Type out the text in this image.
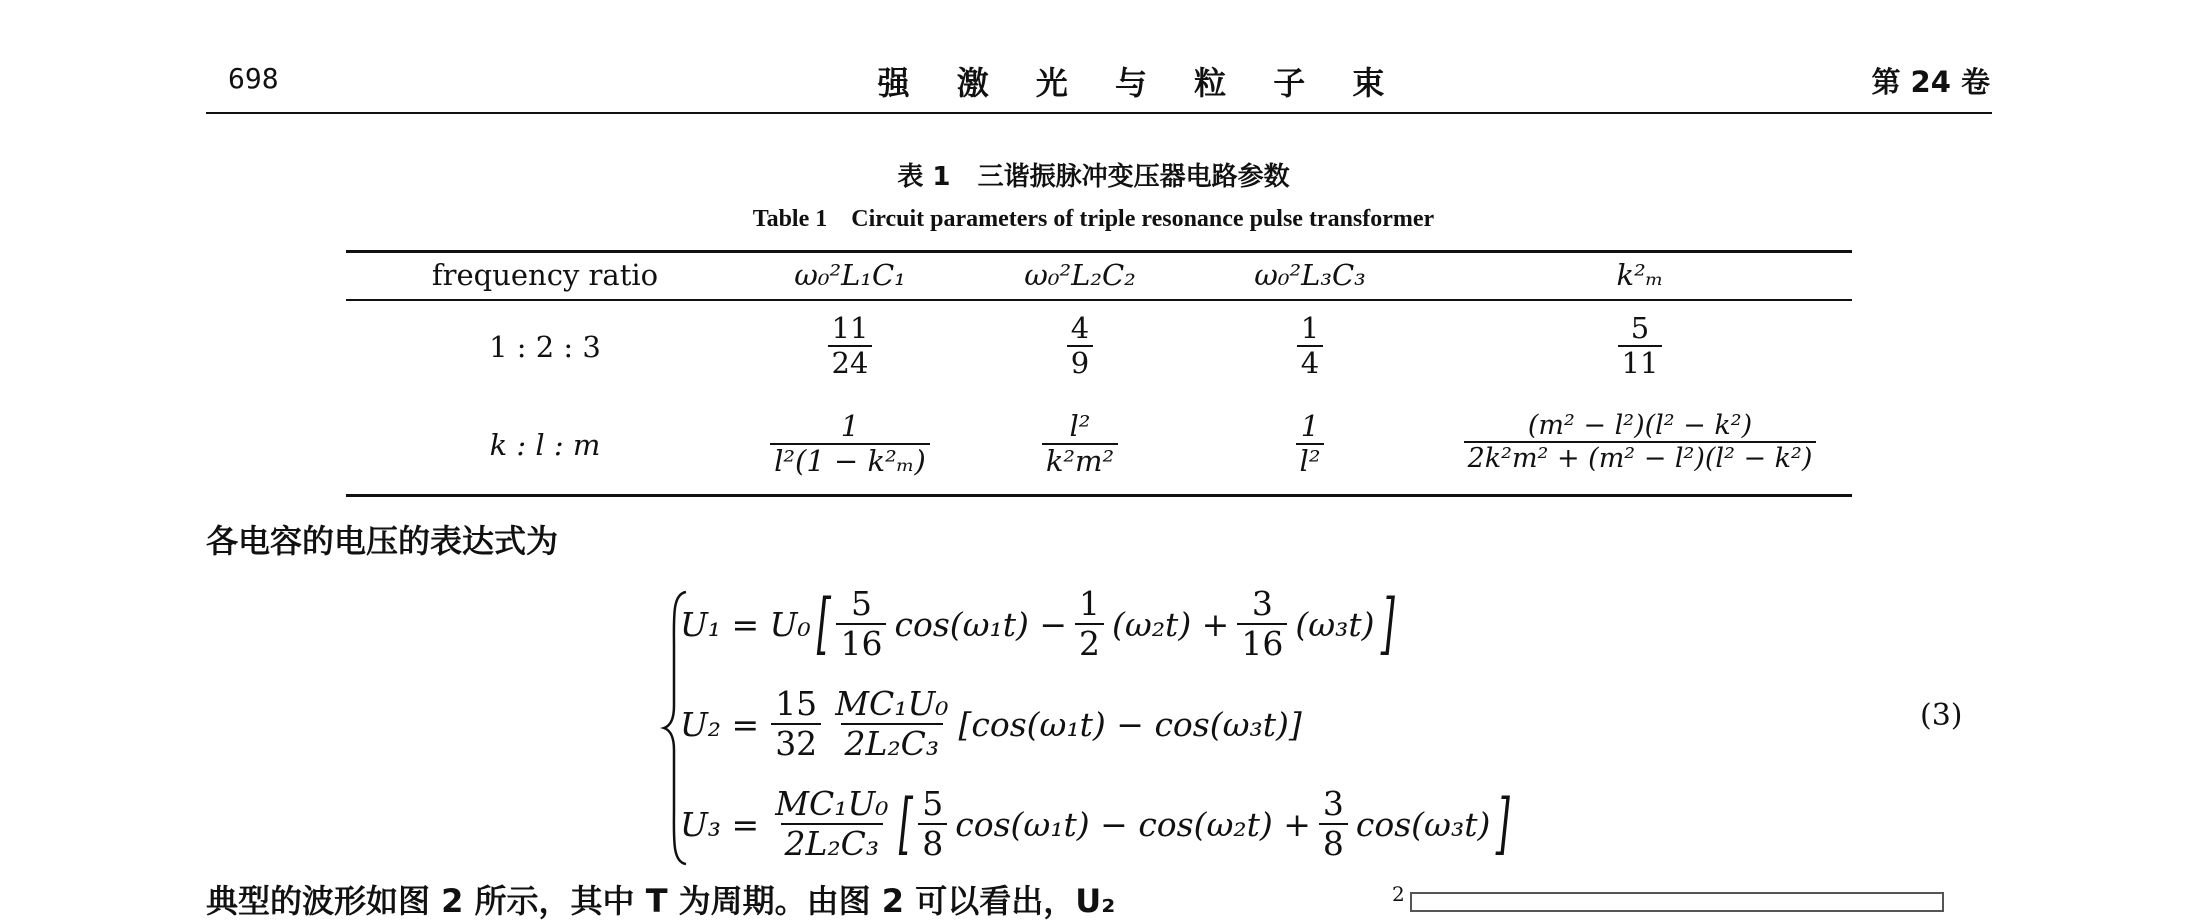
698	强 激 光 与 粒 子 束	第 24 卷
表 1   三谐振脉冲变压器电路参数
Table 1    Circuit parameters of triple resonance pulse transformer
frequency ratio	ω₀²L₁C₁	ω₀²L₂C₂	ω₀²L₃C₃	k²ₘ
1 : 2 : 3	$\frac{11}{24}$	$\frac{4}{9}$	$\frac{1}{4}$	$\frac{5}{11}$
k : l : m	$\frac{1}{\text{l²(1 − k²ₘ)}}$	$\frac{\text{l²}}{\text{k²m²}}$	$\frac{1}{\text{l²}}$	$\frac{\text{(m² − l²)(l² − k²)}}{\text{2k²m² + (m² − l²)(l² − k²)}}$
各电容的电压的表达式为
U₁ = U₀ [ $\frac{5}{16} \cos(\omega_1t) - \frac{1}{2} (\omega_2t) + \frac{3}{16} (\omega_3t)$ ]
$U_2 = \frac{15}{32} \frac{\text{MC₁U₀}}{\text{2L₂C₃}} [\cos(\omega_1t) - \cos(\omega_3t)]$
$U_3 = \frac{\text{MC₁U₀}}{\text{2L₂C₃}}$ [ $\frac{5}{8} \cos(\omega_1t) - \cos(\omega_2t) + \frac{3}{8} \cos(\omega_3t)$ ]
(3)
典型的波形如图 2 所示，其中 T 为周期。由图 2 可以看出，U₂	2
